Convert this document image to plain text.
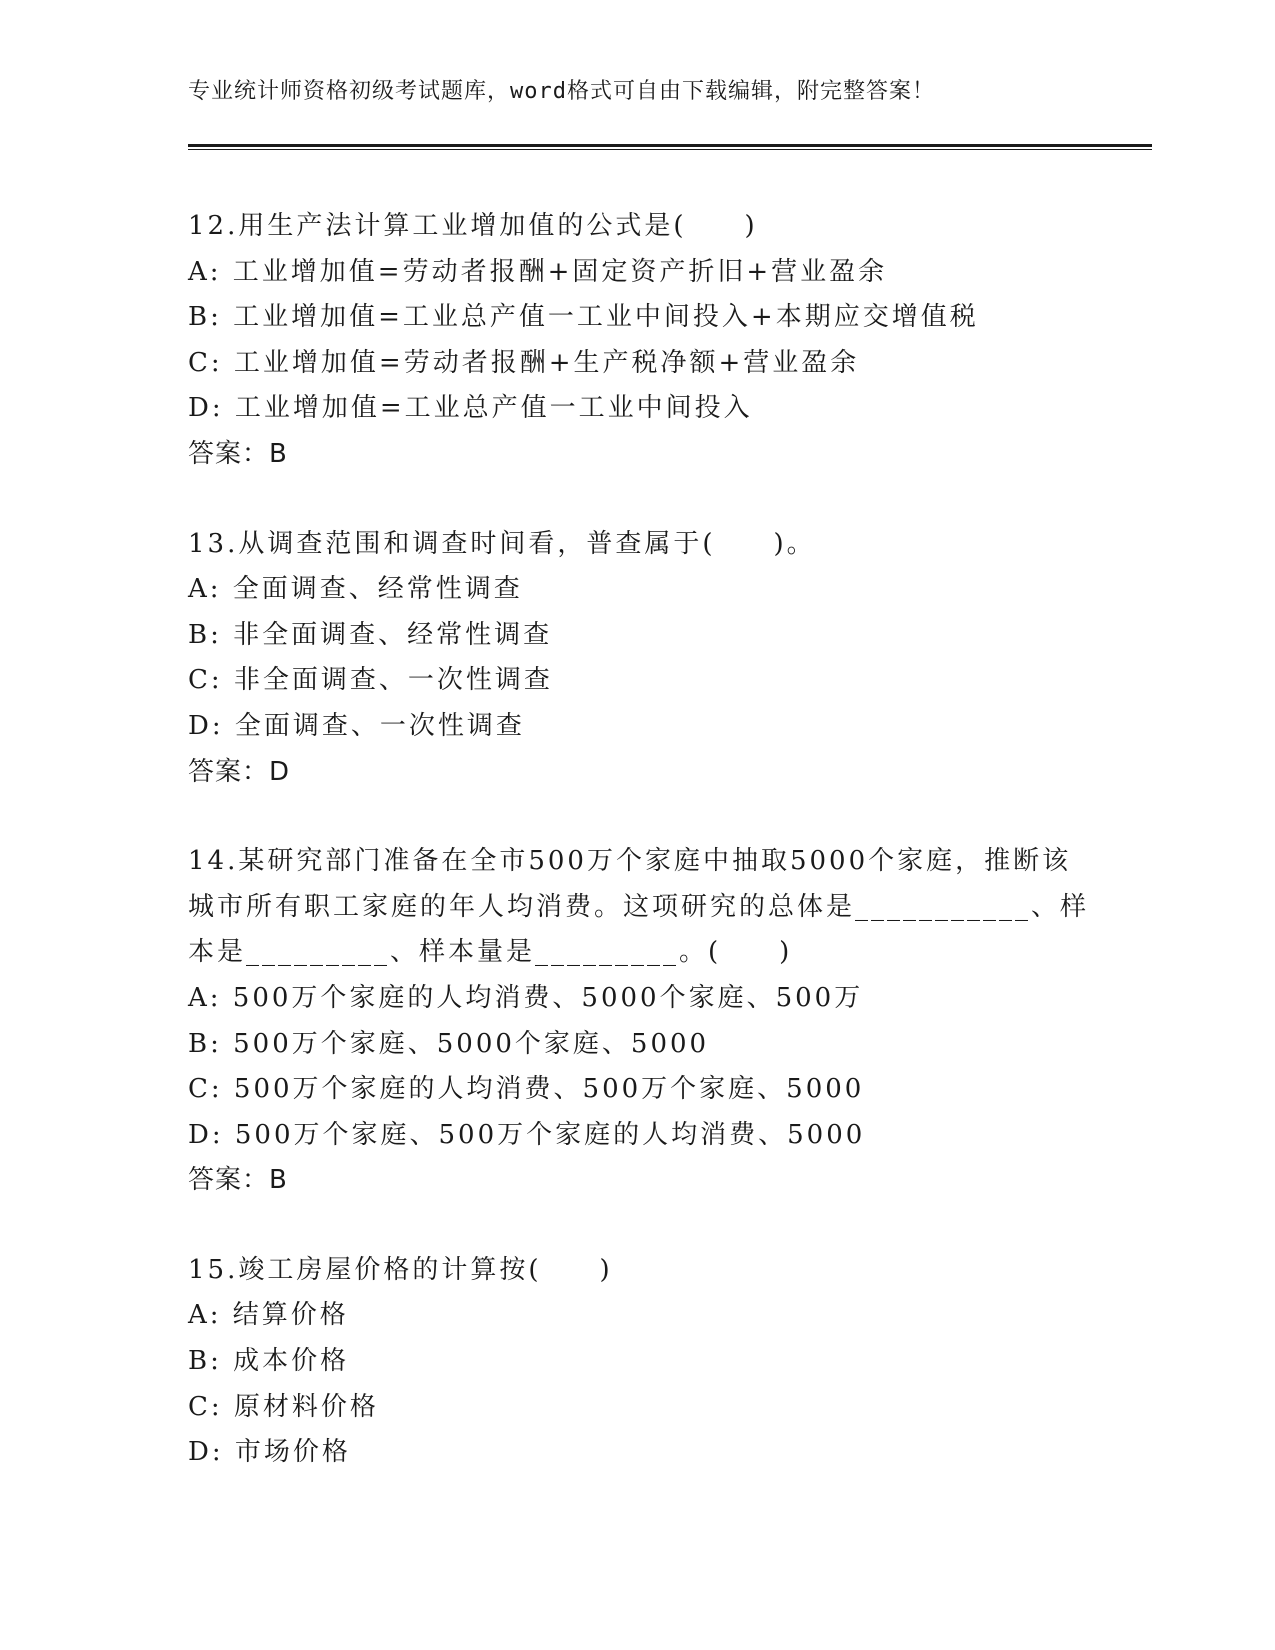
专业统计师资格初级考试题库，word格式可自由下载编辑，附完整答案！
12.用生产法计算工业增加值的公式是(　　)
A: 工业增加值=劳动者报酬+固定资产折旧+营业盈余
B: 工业增加值=工业总产值一工业中间投入+本期应交增值税
C: 工业增加值=劳动者报酬+生产税净额+营业盈余
D: 工业增加值=工业总产值一工业中间投入
答案：B
13.从调查范围和调查时间看，普查属于(　　)。
A: 全面调查、经常性调查
B: 非全面调查、经常性调查
C: 非全面调查、一次性调查
D: 全面调查、一次性调查
答案：D
14.某研究部门准备在全市500万个家庭中抽取5000个家庭，推断该
城市所有职工家庭的年人均消费。这项研究的总体是___________、样
本是_________、样本量是_________。(　　)
A: 500万个家庭的人均消费、5000个家庭、500万
B: 500万个家庭、5000个家庭、5000
C: 500万个家庭的人均消费、500万个家庭、5000
D: 500万个家庭、500万个家庭的人均消费、5000
答案：B
15.竣工房屋价格的计算按(　　)
A: 结算价格
B: 成本价格
C: 原材料价格
D: 市场价格
